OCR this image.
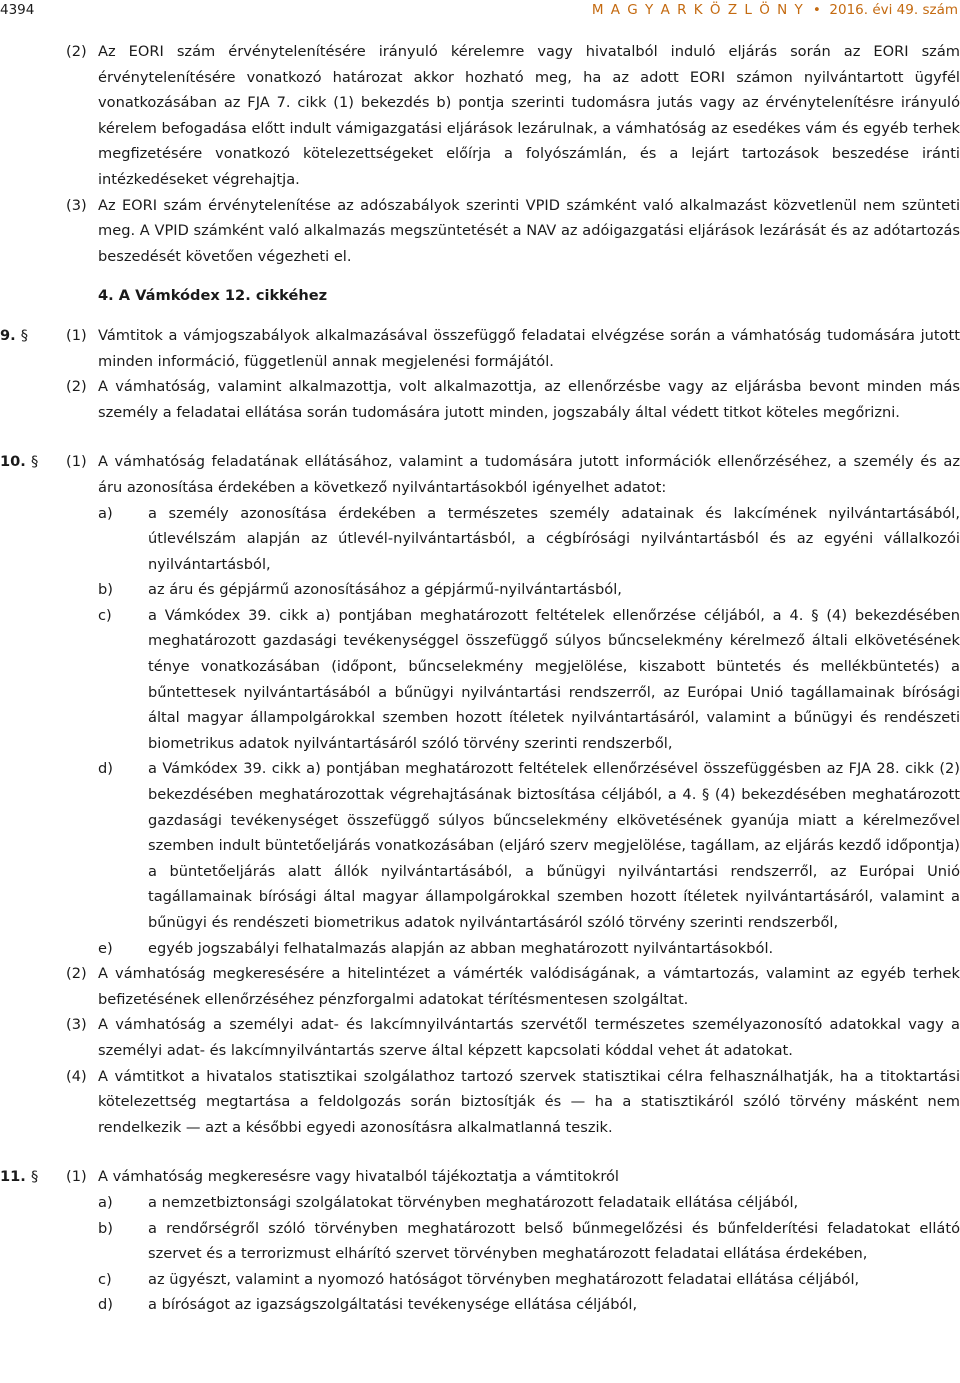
4394	M A G Y A R K Ö Z L Ö N Y • 2016. évi 49. szám
(2) Az EORI szám érvénytelenítésére irányuló kérelemre vagy hivatalból induló eljárás során az EORI szám érvénytelenítésére vonatkozó határozat akkor hozható meg, ha az adott EORI számon nyilvántartott ügyfél vonatkozásában az FJA 7. cikk (1) bekezdés b) pontja szerinti tudomásra jutás vagy az érvénytelenítésre irányuló kérelem befogadása előtt indult vámigazgatási eljárások lezárulnak, a vámhatóság az esedékes vám és egyéb terhek megfizetésére vonatkozó kötelezettségeket előírja a folyószámlán, és a lejárt tartozások beszedése iránti intézkedéseket végrehajtja.
(3) Az EORI szám érvénytelenítése az adószabályok szerinti VPID számként való alkalmazást közvetlenül nem szünteti meg. A VPID számként való alkalmazás megszüntetését a NAV az adóigazgatási eljárások lezárását és az adótartozás beszedését követően végezheti el.
4. A Vámkódex 12. cikkéhez
9. §	(1) Vámtitok a vámjogszabályok alkalmazásával összefüggő feladatai elvégzése során a vámhatóság tudomására jutott minden információ, függetlenül annak megjelenési formájától.
(2) A vámhatóság, valamint alkalmazottja, volt alkalmazottja, az ellenőrzésbe vagy az eljárásba bevont minden más személy a feladatai ellátása során tudomására jutott minden, jogszabály által védett titkot köteles megőrizni.
10. §	(1) A vámhatóság feladatának ellátásához, valamint a tudomására jutott információk ellenőrzéséhez, a személy és az áru azonosítása érdekében a következő nyilvántartásokból igényelhet adatot:
a) a személy azonosítása érdekében a természetes személy adatainak és lakcímének nyilvántartásából, útlevélszám alapján az útlevél-nyilvántartásból, a cégbírósági nyilvántartásból és az egyéni vállalkozói nyilvántartásból,
b) az áru és gépjármű azonosításához a gépjármű-nyilvántartásból,
c) a Vámkódex 39. cikk a) pontjában meghatározott feltételek ellenőrzése céljából, a 4. § (4) bekezdésében meghatározott gazdasági tevékenységgel összefüggő súlyos bűncselekmény kérelmező általi elkövetésének ténye vonatkozásában (időpont, bűncselekmény megjelölése, kiszabott büntetés és mellékbüntetés) a bűntettesek nyilvántartásából a bűnügyi nyilvántartási rendszerről, az Európai Unió tagállamainak bírósági által magyar állampolgárokkal szemben hozott ítéletek nyilvántartásáról, valamint a bűnügyi és rendészeti biometrikus adatok nyilvántartásáról szóló törvény szerinti rendszerből,
d) a Vámkódex 39. cikk a) pontjában meghatározott feltételek ellenőrzésével összefüggésben az FJA 28. cikk (2) bekezdésében meghatározottak végrehajtásának biztosítása céljából, a 4. § (4) bekezdésében meghatározott gazdasági tevékenységet összefüggő súlyos bűncselekmény elkövetésének gyanúja miatt a kérelmezővel szemben indult büntetőeljárás vonatkozásában (eljáró szerv megjelölése, tagállam, az eljárás kezdő időpontja) a büntetőeljárás alatt állók nyilvántartásából, a bűnügyi nyilvántartási rendszerről, az Európai Unió tagállamainak bírósági által magyar állampolgárokkal szemben hozott ítéletek nyilvántartásáról, valamint a bűnügyi és rendészeti biometrikus adatok nyilvántartásáról szóló törvény szerinti rendszerből,
e) egyéb jogszabályi felhatalmazás alapján az abban meghatározott nyilvántartásokból.
(2) A vámhatóság megkeresésére a hitelintézet a vámérték valódiságának, a vámtartozás, valamint az egyéb terhek befizetésének ellenőrzéséhez pénzforgalmi adatokat térítésmentesen szolgáltat.
(3) A vámhatóság a személyi adat- és lakcímnyilvántartás szervétől természetes személyazonosító adatokkal vagy a személyi adat- és lakcímnyilvántartás szerve által képzett kapcsolati kóddal vehet át adatokat.
(4) A vámtitkot a hivatalos statisztikai szolgálathoz tartozó szervek statisztikai célra felhasználhatják, ha a titoktartási kötelezettség megtartása a feldolgozás során biztosítják és — ha a statisztikáról szóló törvény másként nem rendelkezik — azt a későbbi egyedi azonosításra alkalmatlanná teszik.
11. §	(1) A vámhatóság megkeresésre vagy hivatalból tájékoztatja a vámtitokról
a) a nemzetbiztonsági szolgálatokat törvényben meghatározott feladataik ellátása céljából,
b) a rendőrségről szóló törvényben meghatározott belső bűnmegelőzési és bűnfelderítési feladatokat ellátó szervet és a terrorizmust elhárító szervet törvényben meghatározott feladatai ellátása érdekében,
c) az ügyészt, valamint a nyomozó hatóságot törvényben meghatározott feladatai ellátása céljából,
d) a bíróságot az igazságszolgáltatási tevékenysége ellátása céljából,
